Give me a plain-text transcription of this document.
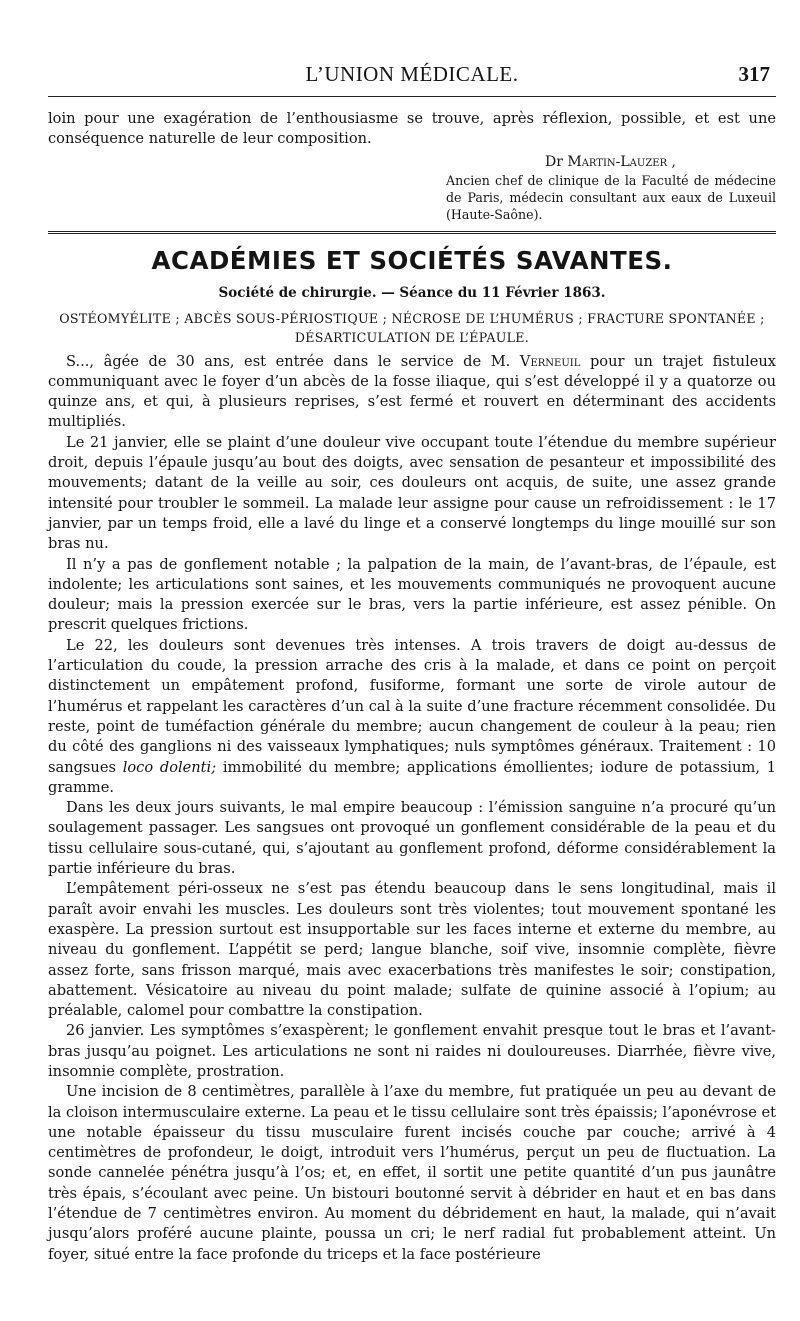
L’UNION MÉDICALE.	317

loin pour une exagération de l’enthousiasme se trouve, après réflexion, possible, et est une conséquence naturelle de leur composition.

Dr Martin-Lauzer ,
Ancien chef de clinique de la Faculté de médecine de Paris, médecin consultant aux eaux de Luxeuil (Haute-Saône).
ACADÉMIES ET SOCIÉTÉS SAVANTES.
Société de chirurgie. — Séance du 11 Février 1863.
OSTÉOMYÉLITE ; ABCÈS SOUS-PÉRIOSTIQUE ; NÉCROSE DE L’HUMÉRUS ; FRACTURE SPONTANÉE ; DÉSARTICULATION DE L’ÉPAULE.

S..., âgée de 30 ans, est entrée dans le service de M. Verneuil pour un trajet fistuleux communiquant avec le foyer d’un abcès de la fosse iliaque, qui s’est développé il y a quatorze ou quinze ans, et qui, à plusieurs reprises, s’est fermé et rouvert en déterminant des accidents multipliés.

Le 21 janvier, elle se plaint d’une douleur vive occupant toute l’étendue du membre supérieur droit, depuis l’épaule jusqu’au bout des doigts, avec sensation de pesanteur et impossibilité des mouvements; datant de la veille au soir, ces douleurs ont acquis, de suite, une assez grande intensité pour troubler le sommeil. La malade leur assigne pour cause un refroidissement : le 17 janvier, par un temps froid, elle a lavé du linge et a conservé longtemps du linge mouillé sur son bras nu.

Il n’y a pas de gonflement notable ; la palpation de la main, de l’avant-bras, de l’épaule, est indolente; les articulations sont saines, et les mouvements communiqués ne provoquent aucune douleur; mais la pression exercée sur le bras, vers la partie inférieure, est assez pénible. On prescrit quelques frictions.

Le 22, les douleurs sont devenues très intenses. A trois travers de doigt au-dessus de l’articulation du coude, la pression arrache des cris à la malade, et dans ce point on perçoit distinctement un empâtement profond, fusiforme, formant une sorte de virole autour de l’humérus et rappelant les caractères d’un cal à la suite d’une fracture récemment consolidée. Du reste, point de tuméfaction générale du membre; aucun changement de couleur à la peau; rien du côté des ganglions ni des vaisseaux lymphatiques; nuls symptômes généraux. Traitement : 10 sangsues loco dolenti; immobilité du membre; applications émollientes; iodure de potassium, 1 gramme.

Dans les deux jours suivants, le mal empire beaucoup : l’émission sanguine n’a procuré qu’un soulagement passager. Les sangsues ont provoqué un gonflement considérable de la peau et du tissu cellulaire sous-cutané, qui, s’ajoutant au gonflement profond, déforme considérablement la partie inférieure du bras.

L’empâtement péri-osseux ne s’est pas étendu beaucoup dans le sens longitudinal, mais il paraît avoir envahi les muscles. Les douleurs sont très violentes; tout mouvement spontané les exaspère. La pression surtout est insupportable sur les faces interne et externe du membre, au niveau du gonflement. L’appétit se perd; langue blanche, soif vive, insomnie complète, fièvre assez forte, sans frisson marqué, mais avec exacerbations très manifestes le soir; constipation, abattement. Vésicatoire au niveau du point malade; sulfate de quinine associé à l’opium; au préalable, calomel pour combattre la constipation.

26 janvier. Les symptômes s’exaspèrent; le gonflement envahit presque tout le bras et l’avant-bras jusqu’au poignet. Les articulations ne sont ni raides ni douloureuses. Diarrhée, fièvre vive, insomnie complète, prostration.

Une incision de 8 centimètres, parallèle à l’axe du membre, fut pratiquée un peu au devant de la cloison intermusculaire externe. La peau et le tissu cellulaire sont très épaissis; l’aponévrose et une notable épaisseur du tissu musculaire furent incisés couche par couche; arrivé à 4 centimètres de profondeur, le doigt, introduit vers l’humérus, perçut un peu de fluctuation. La sonde cannelée pénétra jusqu’à l’os; et, en effet, il sortit une petite quantité d’un pus jaunâtre très épais, s’écoulant avec peine. Un bistouri boutonné servit à débrider en haut et en bas dans l’étendue de 7 centimètres environ. Au moment du débridement en haut, la malade, qui n’avait jusqu’alors proféré aucune plainte, poussa un cri; le nerf radial fut probablement atteint. Un foyer, situé entre la face profonde du triceps et la face postérieure
